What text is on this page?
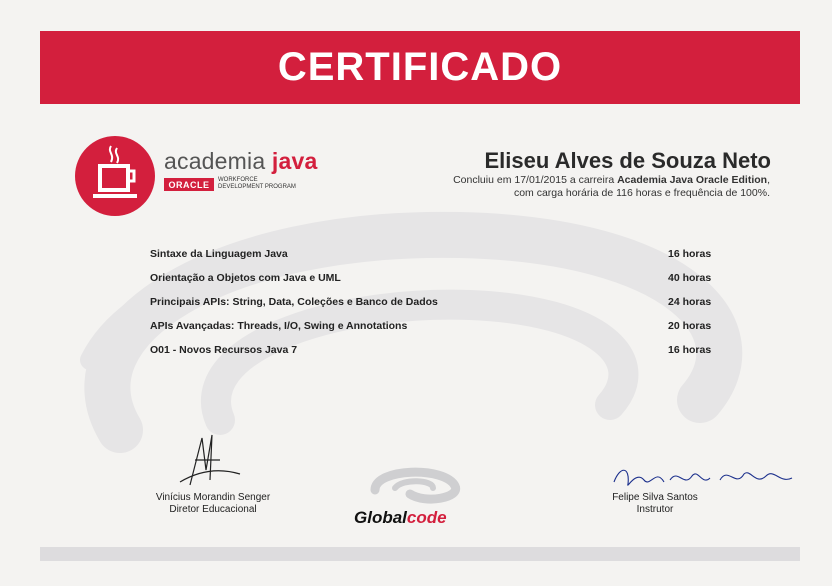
CERTIFICADO
academia java
ORACLE	WORKFORCE
DEVELOPMENT PROGRAM
Eliseu Alves de Souza Neto
Concluiu em 17/01/2015 a carreira Academia Java Oracle Edition,
com carga horária de 116 horas e frequência de 100%.
Sintaxe da Linguagem Java	16 horas
Orientação a Objetos com Java e UML	40 horas
Principais APIs: String, Data, Coleções e Banco de Dados	24 horas
APIs Avançadas: Threads, I/O, Swing e Annotations	20 horas
O01 - Novos Recursos Java 7	16 horas
Vinícius Morandin Senger
Diretor Educacional
Felipe Silva Santos
Instrutor
Globalcode
